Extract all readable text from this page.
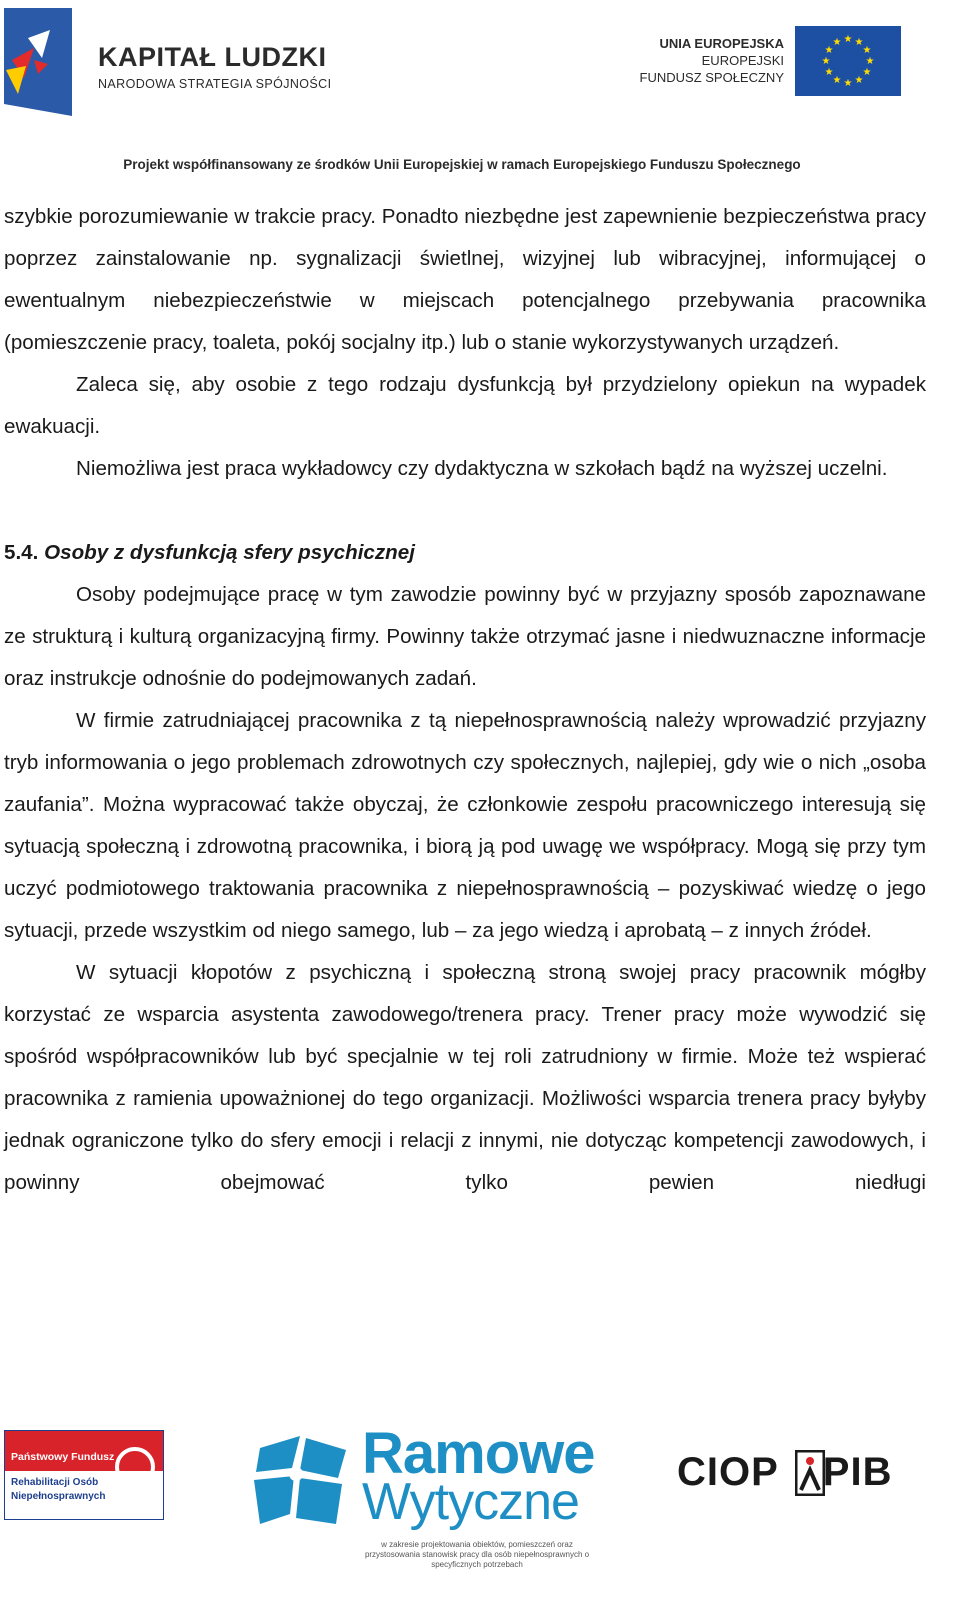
KAPITAŁ LUDZKI
NARODOWA STRATEGIA SPÓJNOŚCI
UNIA EUROPEJSKA
EUROPEJSKI
FUNDUSZ SPOŁECZNY
★ ★
★
★
★
★
★
★
★
★
★
★
Projekt współfinansowany ze środków Unii Europejskiej w ramach Europejskiego Funduszu Społecznego

szybkie porozumiewanie w trakcie pracy. Ponadto niezbędne jest zapewnienie bezpieczeństwa pracy poprzez zainstalowanie np. sygnalizacji świetlnej, wizyjnej lub wibracyjnej, informującej o ewentualnym niebezpieczeństwie w miejscach potencjalnego przebywania pracownika (pomieszczenie pracy, toaleta, pokój socjalny itp.) lub o stanie wykorzystywanych urządzeń.

Zaleca się, aby osobie z tego rodzaju dysfunkcją był przydzielony opiekun na wypadek ewakuacji.

Niemożliwa jest praca wykładowcy czy dydaktyczna w szkołach bądź na wyższej uczelni.

5.4. Osoby z dysfunkcją sfery psychicznej

Osoby podejmujące pracę w tym zawodzie powinny być w przyjazny sposób zapoznawane ze strukturą i kulturą organizacyjną firmy. Powinny także otrzymać jasne i niedwuznaczne informacje oraz instrukcje odnośnie do podejmowanych zadań.

W firmie zatrudniającej pracownika z tą niepełnosprawnością należy wprowadzić przyjazny tryb informowania o jego problemach zdrowotnych czy społecznych, najlepiej, gdy wie o nich „osoba zaufania”. Można wypracować także obyczaj, że członkowie zespołu pracowniczego interesują się sytuacją społeczną i zdrowotną pracownika, i biorą ją pod uwagę we współpracy. Mogą się przy tym uczyć podmiotowego traktowania pracownika z niepełnosprawnością – pozyskiwać wiedzę o jego sytuacji, przede wszystkim od niego samego, lub – za jego wiedzą i aprobatą – z innych źródeł.

W sytuacji kłopotów z psychiczną i społeczną stroną swojej pracy pracownik mógłby korzystać ze wsparcia asystenta zawodowego/trenera pracy. Trener pracy może wywodzić się spośród współpracowników lub być specjalnie w tej roli zatrudniony w firmie. Może też wspierać pracownika z ramienia upoważnionej do tego organizacji. Możliwości wsparcia trenera pracy byłyby jednak ograniczone tylko do sfery emocji i relacji z innymi, nie dotycząc kompetencji zawodowych, i powinny obejmować tylko pewien niedługi

Państwowy Fundusz
Rehabilitacji Osób
Niepełnosprawnych
Ramowe
Wytyczne
w zakresie projektowania obiektów, pomieszczeń oraz przystosowania stanowisk pracy dla osób niepełnosprawnych o specyficznych potrzebach
CIOP PIB
